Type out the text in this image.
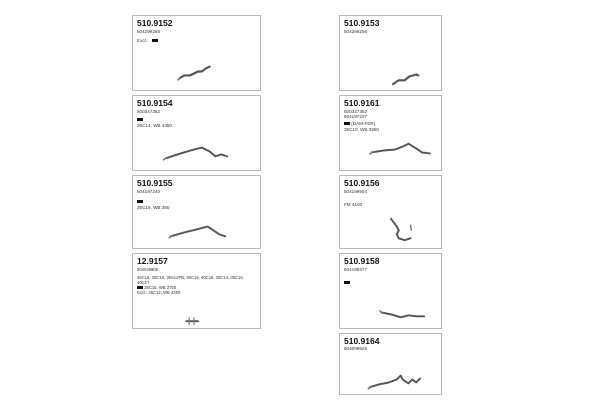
510.9152
504299255
Excl.:
510.9153
504299256
510.9154
500347352
35C14, WB 4350
510.9161
500347352
504197227
(DAM-FER)
35C10, WB 3950
510.9155
504197240
35C15, WB 350
510.9156
504199904
FM 4100
12.9157
504049806
35C15, 35C18, 35S12PB, 40C15, 40C18, 35C14, 35C15,
40C17
35C15, WB 3750
Excl.: 35C14, WB 4350
510.9158
504199377
510.9164
504099926
